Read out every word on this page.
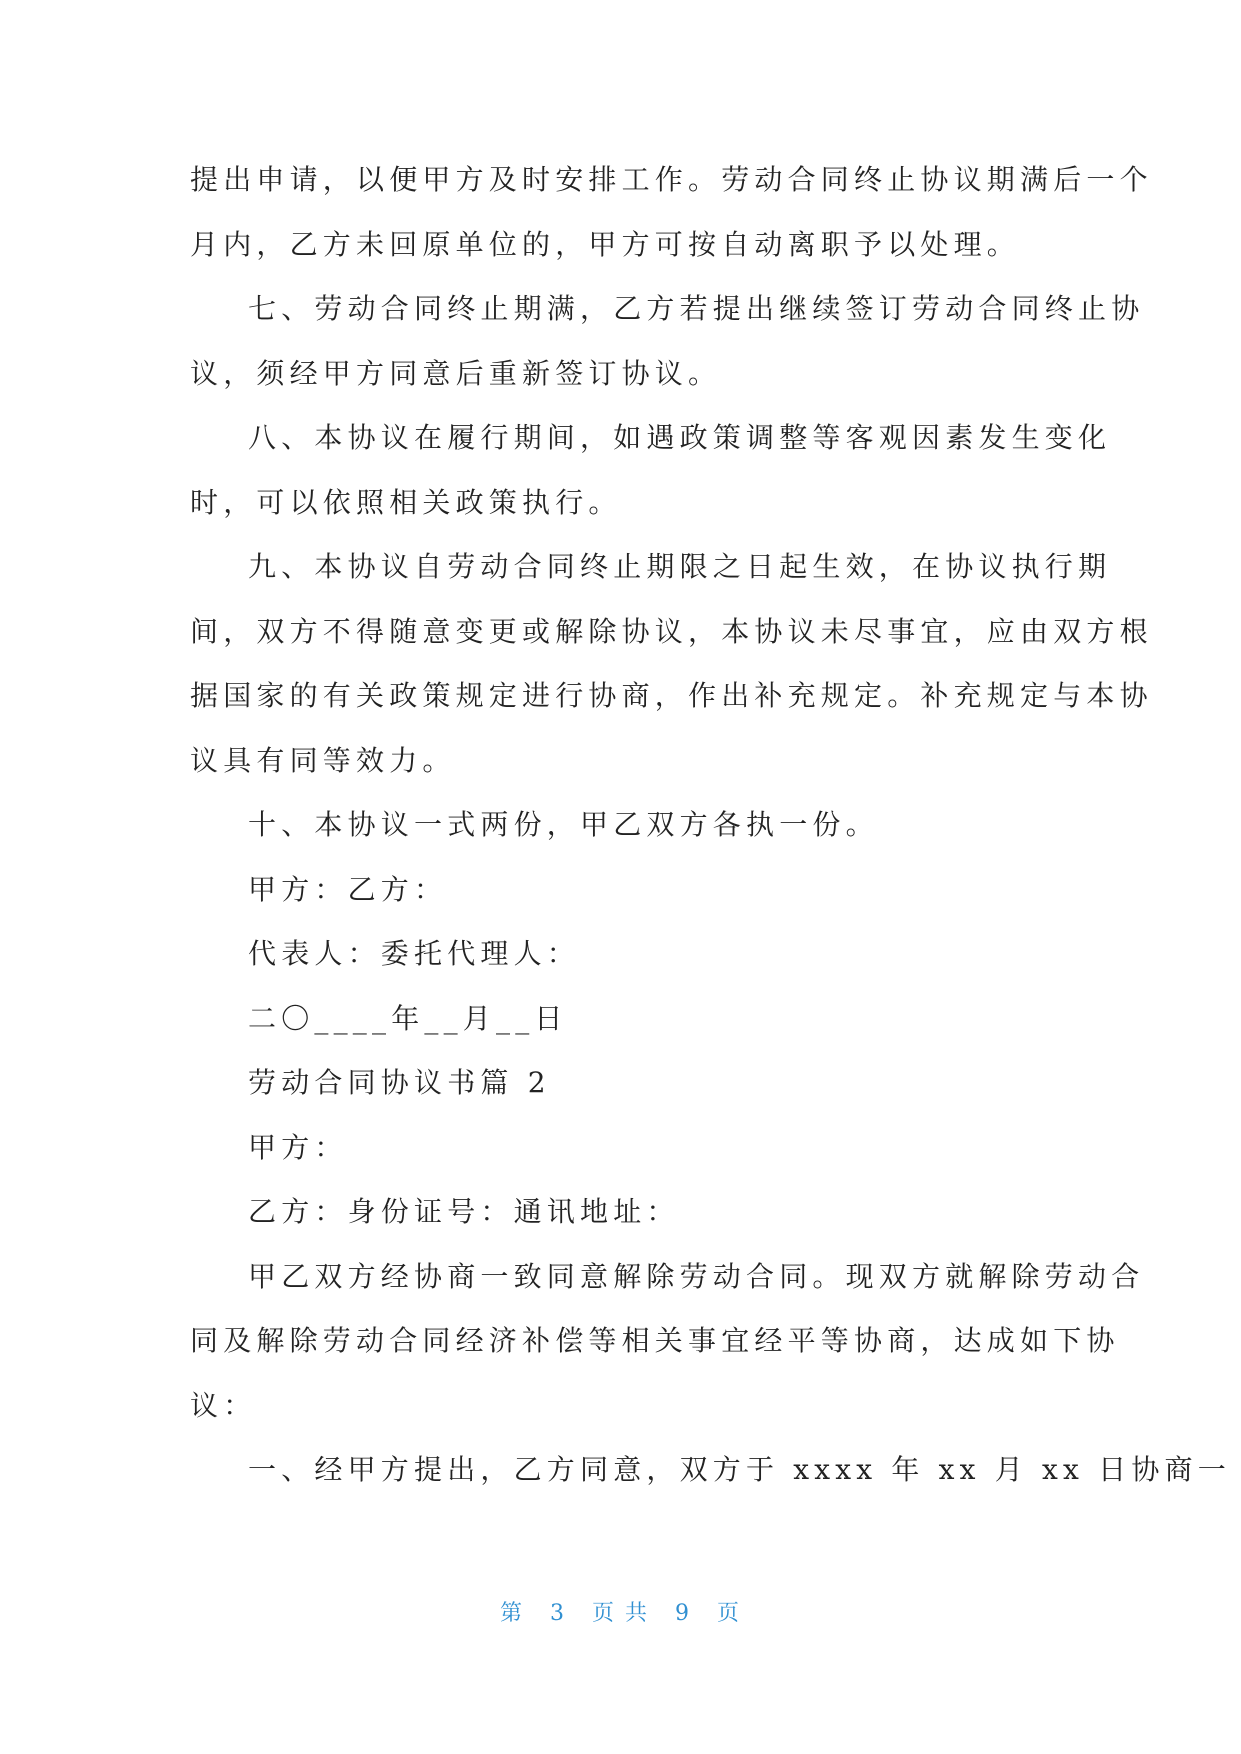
提出申请，以便甲方及时安排工作。劳动合同终止协议期满后一个

月内，乙方未回原单位的，甲方可按自动离职予以处理。

七、劳动合同终止期满，乙方若提出继续签订劳动合同终止协

议，须经甲方同意后重新签订协议。

八、本协议在履行期间，如遇政策调整等客观因素发生变化

时，可以依照相关政策执行。

九、本协议自劳动合同终止期限之日起生效，在协议执行期

间，双方不得随意变更或解除协议，本协议未尽事宜，应由双方根

据国家的有关政策规定进行协商，作出补充规定。补充规定与本协

议具有同等效力。

十、本协议一式两份，甲乙双方各执一份。

甲方：乙方：

代表人：委托代理人：

二〇____年__月__日

劳动合同协议书篇 2

甲方：

乙方：身份证号：通讯地址：

甲乙双方经协商一致同意解除劳动合同。现双方就解除劳动合

同及解除劳动合同经济补偿等相关事宜经平等协商，达成如下协

议：

一、经甲方提出，乙方同意，双方于 xxxx 年 xx 月 xx 日协商一

第 3 页 共 9 页
